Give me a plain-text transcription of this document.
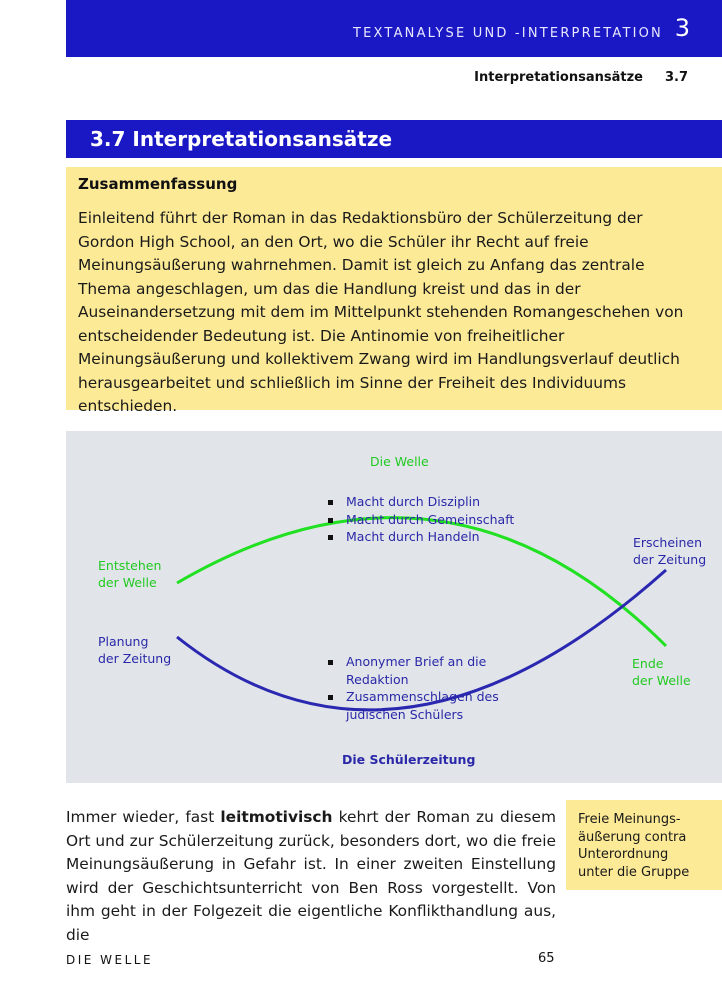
TEXTANALYSE UND -INTERPRETATION 3
Interpretationsansätze 3.7
3.7 Interpretationsansätze
Zusammenfassung

Einleitend führt der Roman in das Redaktionsbüro der Schülerzeitung der Gordon High School, an den Ort, wo die Schüler ihr Recht auf freie Meinungsäußerung wahrnehmen. Damit ist gleich zu Anfang das zentrale Thema angeschlagen, um das die Handlung kreist und das in der Auseinandersetzung mit dem im Mittelpunkt stehenden Romangeschehen von entscheidender Bedeutung ist. Die Antinomie von freiheitlicher Meinungsäußerung und kollektivem Zwang wird im Handlungsverlauf deutlich herausgearbeitet und schließlich im Sinne der Freiheit des Individuums entschieden.

Die Welle
Entstehen
der Welle
Ende
der Welle
Macht durch Disziplin
Macht durch Gemeinschaft
Macht durch Handeln
Planung
der Zeitung
Erscheinen
der Zeitung
Anonymer Brief an die
Redaktion
Zusammenschlagen des
jüdischen Schülers
Die Schülerzeitung

Immer wieder, fast leitmotivisch kehrt der Roman zu diesem Ort und zur Schülerzeitung zurück, besonders dort, wo die freie Meinungsäußerung in Gefahr ist. In einer zweiten Einstellung wird der Geschichtsunterricht von Ben Ross vorgestellt. Von ihm geht in der Folgezeit die eigentliche Konflikthandlung aus, die

Freie Meinungs-
äußerung contra
Unterordnung
unter die Gruppe
DIE WELLE	65
